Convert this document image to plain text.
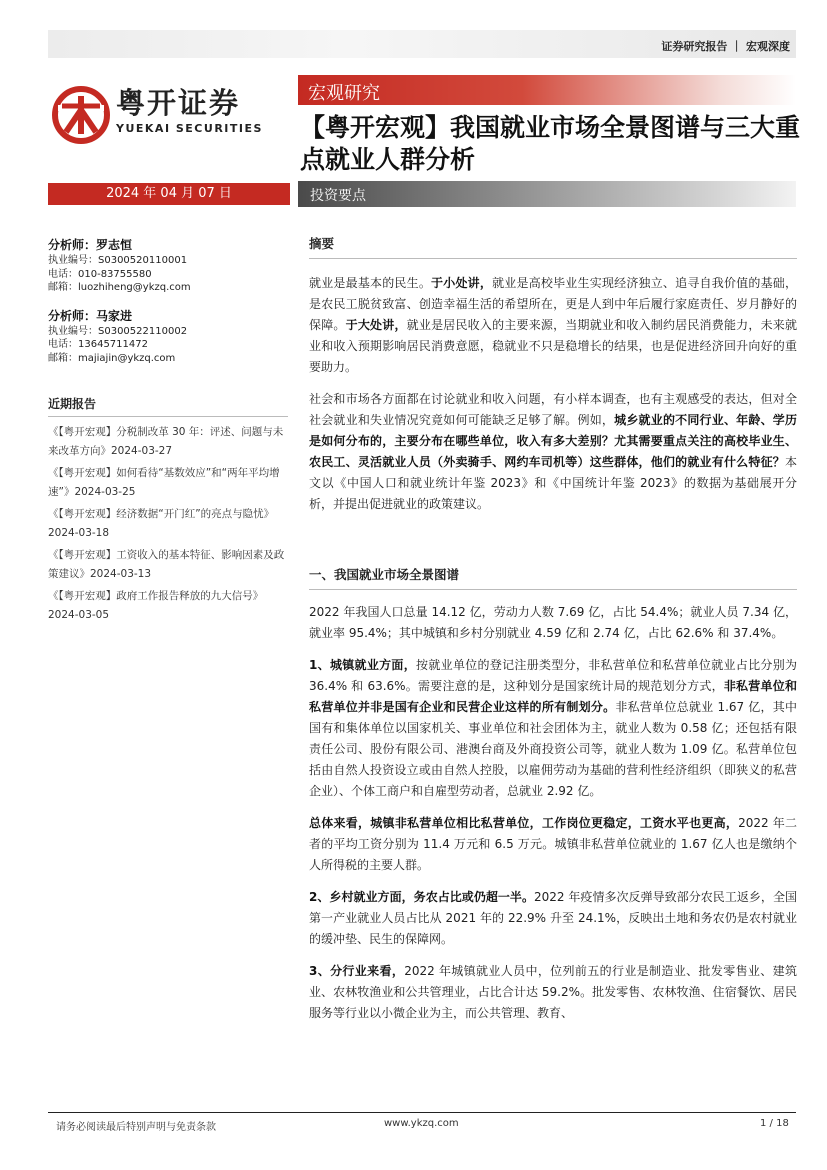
证券研究报告 ｜ 宏观深度
粤开证券
YUEKAI SECURITIES
宏观研究
【粤开宏观】我国就业市场全景图谱与三大重点就业人群分析
2024 年 04 月 07 日	投资要点
分析师：罗志恒
执业编号：S0300520110001
电话：010-83755580
邮箱：luozhiheng@ykzq.com
分析师：马家进
执业编号：S0300522110002
电话：13645711472
邮箱：majiajin@ykzq.com
近期报告
《【粤开宏观】分税制改革 30 年：评述、问题与未来改革方向》2024-03-27
《【粤开宏观】如何看待“基数效应”和“两年平均增速”》2024-03-25
《【粤开宏观】经济数据“开门红”的亮点与隐忧》2024-03-18
《【粤开宏观】工资收入的基本特征、影响因素及政策建议》2024-03-13
《【粤开宏观】政府工作报告释放的九大信号》2024-03-05
摘要

就业是最基本的民生。于小处讲，就业是高校毕业生实现经济独立、追寻自我价值的基础，是农民工脱贫致富、创造幸福生活的希望所在，更是人到中年后履行家庭责任、岁月静好的保障。于大处讲，就业是居民收入的主要来源，当期就业和收入制约居民消费能力，未来就业和收入预期影响居民消费意愿，稳就业不只是稳增长的结果，也是促进经济回升向好的重要助力。

社会和市场各方面都在讨论就业和收入问题，有小样本调查，也有主观感受的表达，但对全社会就业和失业情况究竟如何可能缺乏足够了解。例如，城乡就业的不同行业、年龄、学历是如何分布的，主要分布在哪些单位，收入有多大差别？尤其需要重点关注的高校毕业生、农民工、灵活就业人员（外卖骑手、网约车司机等）这些群体，他们的就业有什么特征？本文以《中国人口和就业统计年鉴 2023》和《中国统计年鉴 2023》的数据为基础展开分析，并提出促进就业的政策建议。

一、我国就业市场全景图谱

2022 年我国人口总量 14.12 亿，劳动力人数 7.69 亿，占比 54.4%；就业人员 7.34 亿，就业率 95.4%；其中城镇和乡村分别就业 4.59 亿和 2.74 亿，占比 62.6% 和 37.4%。

1、城镇就业方面，按就业单位的登记注册类型分，非私营单位和私营单位就业占比分别为 36.4% 和 63.6%。需要注意的是，这种划分是国家统计局的规范划分方式，非私营单位和私营单位并非是国有企业和民营企业这样的所有制划分。非私营单位总就业 1.67 亿，其中国有和集体单位以国家机关、事业单位和社会团体为主，就业人数为 0.58 亿；还包括有限责任公司、股份有限公司、港澳台商及外商投资公司等，就业人数为 1.09 亿。私营单位包括由自然人投资设立或由自然人控股，以雇佣劳动为基础的营利性经济组织（即狭义的私营企业）、个体工商户和自雇型劳动者，总就业 2.92 亿。

总体来看，城镇非私营单位相比私营单位，工作岗位更稳定，工资水平也更高，2022 年二者的平均工资分别为 11.4 万元和 6.5 万元。城镇非私营单位就业的 1.67 亿人也是缴纳个人所得税的主要人群。

2、乡村就业方面，务农占比或仍超一半。2022 年疫情多次反弹导致部分农民工返乡，全国第一产业就业人员占比从 2021 年的 22.9% 升至 24.1%，反映出土地和务农仍是农村就业的缓冲垫、民生的保障网。

3、分行业来看，2022 年城镇就业人员中，位列前五的行业是制造业、批发零售业、建筑业、农林牧渔业和公共管理业，占比合计达 59.2%。批发零售、农林牧渔、住宿餐饮、居民服务等行业以小微企业为主，而公共管理、教育、

请务必阅读最后特别声明与免责条款	www.ykzq.com	1 / 18
